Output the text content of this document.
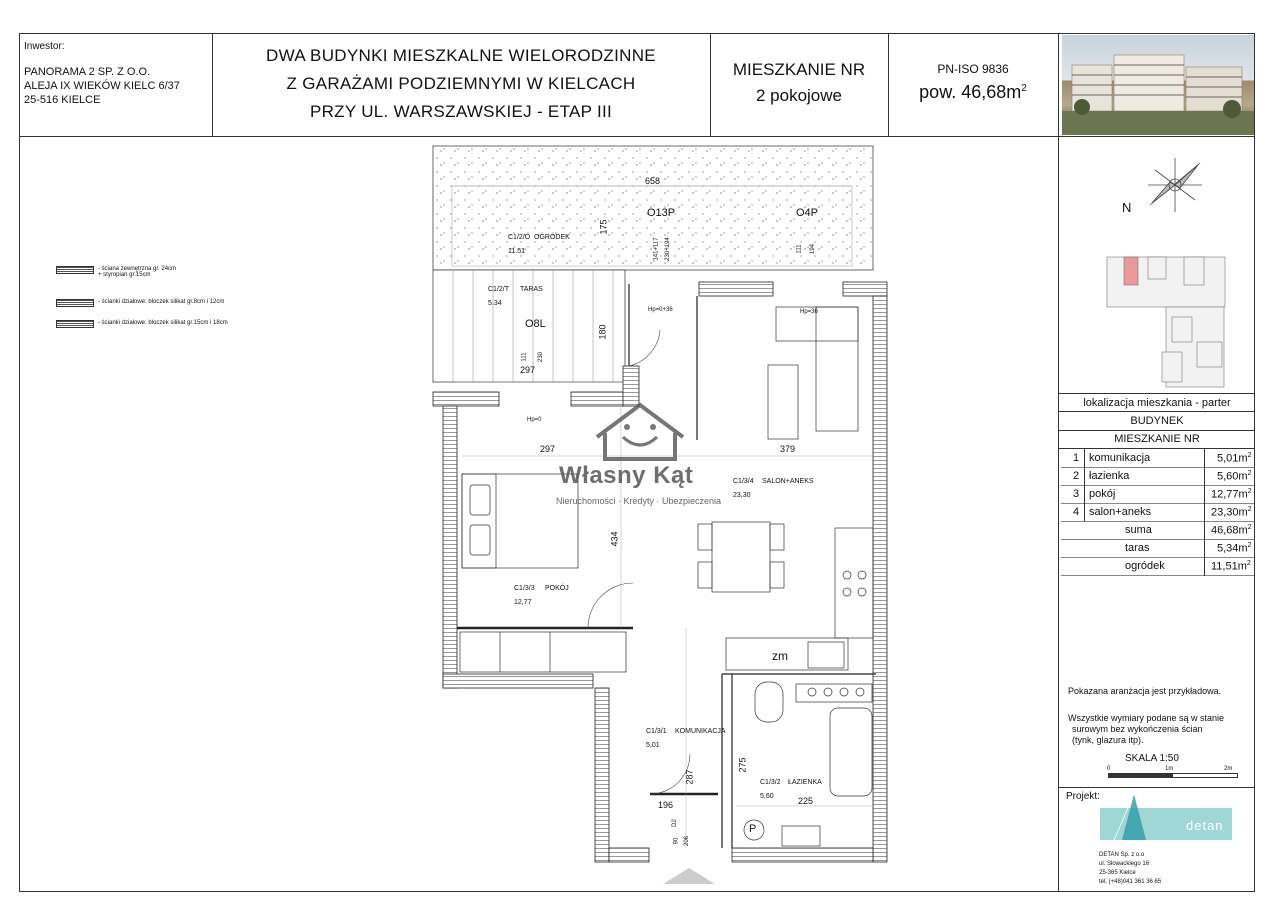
Inwestor:
PANORAMA 2 SP. Z O.O.
ALEJA IX WIEKÓW KIELC 6/37
25-516 KIELCE
DWA BUDYNKI MIESZKALNE WIELORODZINNE
Z GARAŻAMI PODZIEMNYMI W KIELCACH
PRZY UL. WARSZAWSKIEJ - ETAP III
MIESZKANIE NR
2 pokojowe
PN-ISO 9836
pow. $46,68m^2$
- ściana zewnętrzna gr. 24cm
+ styropian gr.15cm
- ścianki działowe: bloczek silikat gr.8cm i 12cm
- ścianki działowe: bloczek silikat gr.15cm i 18cm
N
lokalizacja mieszkania - parter
BUDYNEK
MIESZKANIE NR
1 komunikacja	$5,01m^2$
2 łazienka	$5,60m^2$
3 pokój	$12,77m^2$
4 salon+aneks	$23,30m^2$
suma	$46,68m^2$
taras	$5,34m^2$
ogródek	$11,51m^2$
Pokazana aranżacja jest przykładowa.
Wszystkie wymiary podane są w stanie
surowym bez wykończenia ścian
(tynk, glazura itp).
SKALA 1:50
0	1m	2m
Projekt:
detan
DETAN Sp. z o.o
ul. Słowackiego 16
25-365 Kielce
tel. (+48)041 361 36 65
C1/2/O OGRÓDEK
11.51
C1/2/T TARAS
5.34
C1/3/3 POKÓJ
12,77
C1/3/4 SALON+ANEKS
23,30
C1/3/1 KOMUNIKACJA
5,01
C1/3/2 ŁAZIENKA
5,60
658
175
297
180
297	379
434
287
275
196	225
O13P	O4P
O8L
Hp=0+36	Hp=36
Hp=0
141+117 230+194	111 194
111 230
zm
P
D2
90 206
Własny Kąt
Nieruchomości · Kredyty · Ubezpieczenia
